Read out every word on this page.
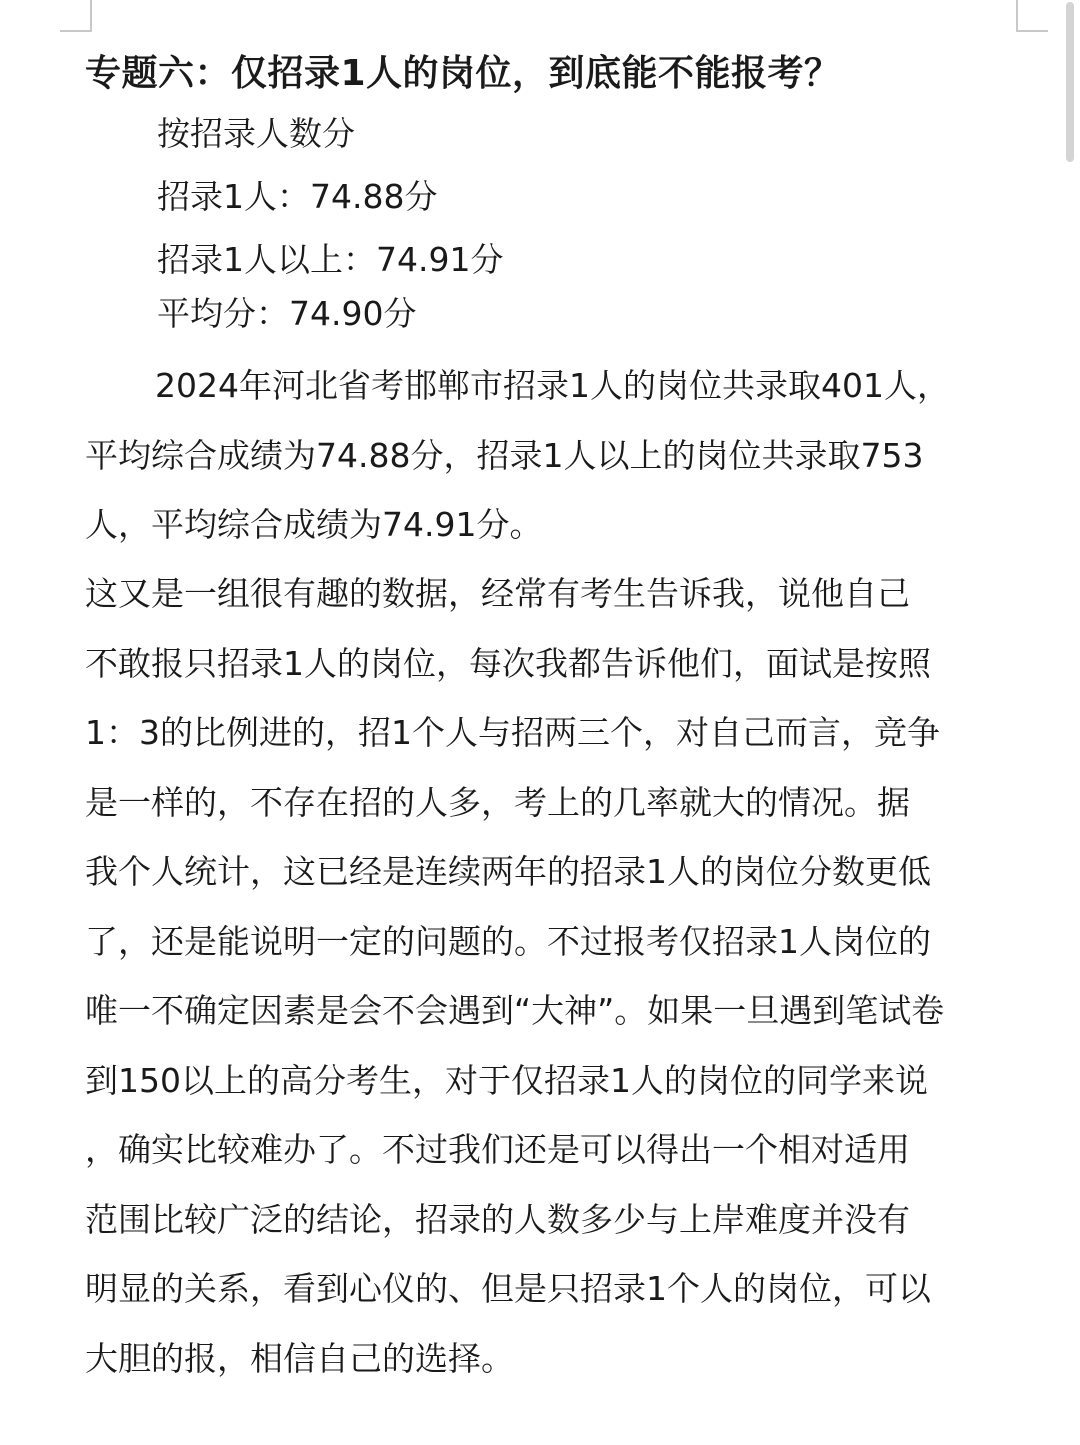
专题六：仅招录1人的岗位，到底能不能报考？
按招录人数分
招录1人：74.88分
招录1人以上：74.91分
平均分：74.90分
2024年河北省考邯郸市招录1人的岗位共录取401人，
平均综合成绩为74.88分，招录1人以上的岗位共录取753
人，平均综合成绩为74.91分。
这又是一组很有趣的数据，经常有考生告诉我，说他自己
不敢报只招录1人的岗位，每次我都告诉他们，面试是按照
1：3的比例进的，招1个人与招两三个，对自己而言，竞争
是一样的，不存在招的人多，考上的几率就大的情况。据
我个人统计，这已经是连续两年的招录1人的岗位分数更低
了，还是能说明一定的问题的。不过报考仅招录1人岗位的
唯一不确定因素是会不会遇到“大神”。如果一旦遇到笔试卷
到150以上的高分考生，对于仅招录1人的岗位的同学来说
，确实比较难办了。不过我们还是可以得出一个相对适用
范围比较广泛的结论，招录的人数多少与上岸难度并没有
明显的关系，看到心仪的、但是只招录1个人的岗位，可以
大胆的报，相信自己的选择。
